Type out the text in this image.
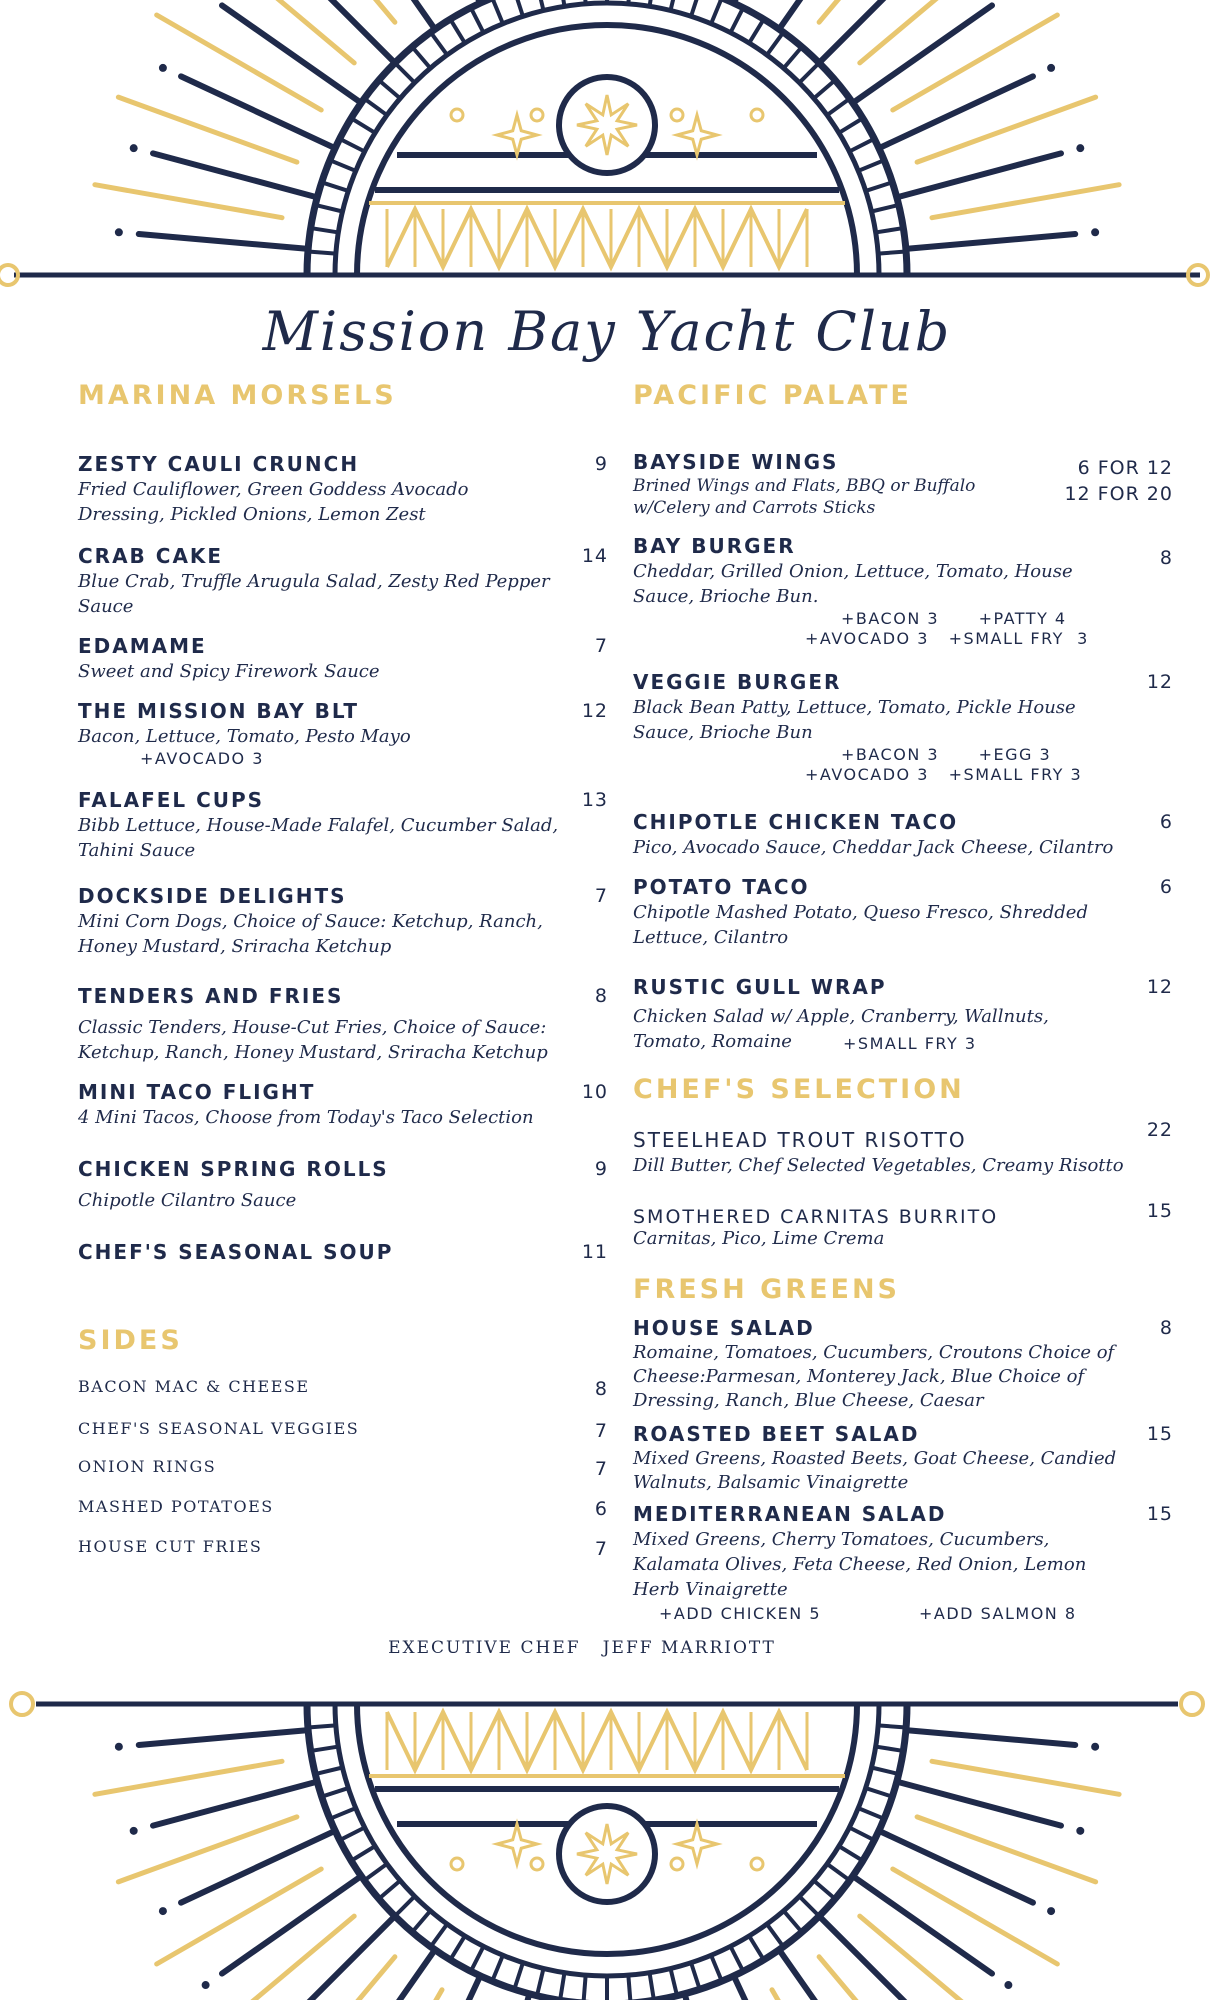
Mission Bay Yacht Club
MARINA MORSELS
ZESTY CAULI CRUNCH	9
Fried Cauliflower, Green Goddess Avocado Dressing, Pickled Onions, Lemon Zest
CRAB CAKE	14
Blue Crab, Truffle Arugula Salad, Zesty Red Pepper Sauce
EDAMAME	7
Sweet and Spicy Firework Sauce
THE MISSION BAY BLT	12
Bacon, Lettuce, Tomato, Pesto Mayo
+AVOCADO 3
FALAFEL CUPS	13
Bibb Lettuce, House-Made Falafel, Cucumber Salad, Tahini Sauce
DOCKSIDE DELIGHTS	7
Mini Corn Dogs, Choice of Sauce: Ketchup, Ranch, Honey Mustard, Sriracha Ketchup
TENDERS AND FRIES	8
Classic Tenders, House-Cut Fries, Choice of Sauce: Ketchup, Ranch, Honey Mustard, Sriracha Ketchup
MINI TACO FLIGHT	10
4 Mini Tacos, Choose from Today's Taco Selection
CHICKEN SPRING ROLLS	9
Chipotle Cilantro Sauce
CHEF'S SEASONAL SOUP	11
SIDES
BACON MAC & CHEESE	8
CHEF'S SEASONAL VEGGIES	7
ONION RINGS	7
MASHED POTATOES	6
HOUSE CUT FRIES	7
PACIFIC PALATE
BAYSIDE WINGS	6 FOR 12
12 FOR 20
Brined Wings and Flats, BBQ or Buffalo w/Celery and Carrots Sticks
BAY BURGER	8
Cheddar, Grilled Onion, Lettuce, Tomato, House Sauce, Brioche Bun.
+BACON 3      +PATTY 4
+AVOCADO 3   +SMALL FRY  3
VEGGIE BURGER	12
Black Bean Patty, Lettuce, Tomato, Pickle House Sauce, Brioche Bun
+BACON 3      +EGG 3
+AVOCADO 3   +SMALL FRY 3
CHIPOTLE CHICKEN TACO	6
Pico, Avocado Sauce, Cheddar Jack Cheese, Cilantro
POTATO TACO	6
Chipotle Mashed Potato, Queso Fresco, Shredded Lettuce, Cilantro
RUSTIC GULL WRAP	12
Chicken Salad w/ Apple, Cranberry, Wallnuts, Tomato, Romaine	+SMALL FRY 3
CHEF'S SELECTION
STEELHEAD TROUT RISOTTO	22
Dill Butter, Chef Selected Vegetables, Creamy Risotto
SMOTHERED CARNITAS BURRITO	15
Carnitas, Pico, Lime Crema
FRESH GREENS
HOUSE SALAD	8
Romaine, Tomatoes, Cucumbers, Croutons Choice of Cheese:Parmesan, Monterey Jack, Blue Choice of Dressing, Ranch, Blue Cheese, Caesar
ROASTED BEET SALAD	15
Mixed Greens, Roasted Beets, Goat Cheese, Candied Walnuts, Balsamic Vinaigrette
MEDITERRANEAN SALAD	15
Mixed Greens, Cherry Tomatoes, Cucumbers, Kalamata Olives, Feta Cheese, Red Onion, Lemon Herb Vinaigrette
+ADD CHICKEN 5	+ADD SALMON 8
EXECUTIVE CHEF   JEFF MARRIOTT
